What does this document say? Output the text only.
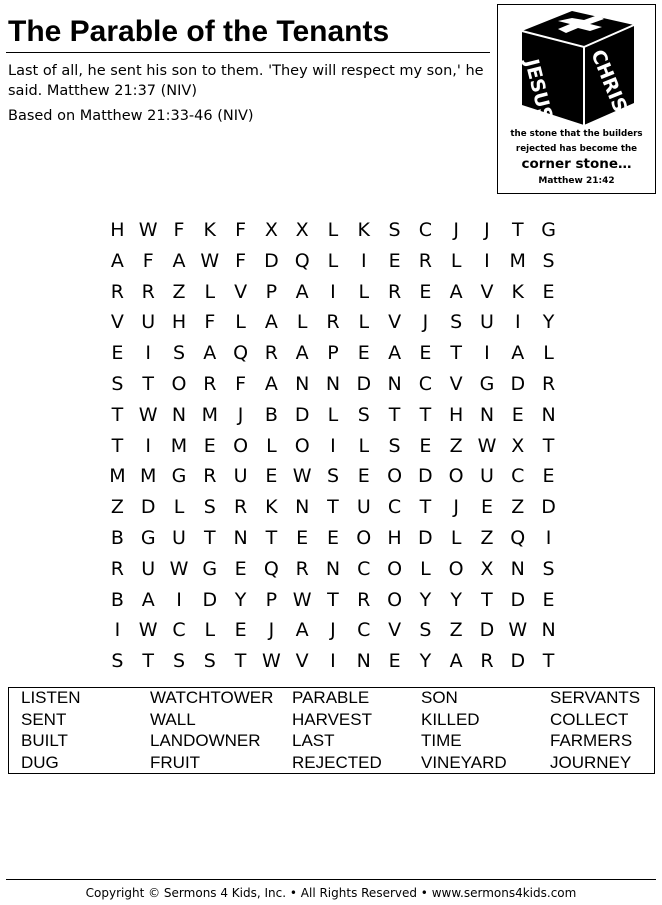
The Parable of the Tenants

Last of all, he sent his son to them. 'They will respect my son,' he said. Matthew 21:37 (NIV)

Based on Matthew 21:33-46 (NIV)	JESUS CHRIST

the stone that the builders
rejected has become the

corner stone…

Matthew 21:42

H W F	K	F X X L	K S C	J	J	T G
A F A W F D Q L	I	E R L	I	M S
R R Z L	V P A	I	L R E A V K E
V U H F	L	A	L R L	V	J	S U	I	Y
E	I	S A Q R A P	E A E T	I	A	L
S T O R F A N N D N C V G D R
T W N M	J	B D L	S T	T H N E N
T	I	M E O L O	I	L	S E Z W X T
M M G R U E W S E O D O U C E
Z D L	S R K N T U C T	J	E Z D
B G U T N T E E O H D L Z Q	I
R U W G E Q R N C O L O X N S
B A	I	D Y	P W T R O Y	Y	T D E
I W C L	E	J	A	J	C V S Z D W N
S T S S T W V	I	N E Y A R D T
LISTEN	WATCHTOWER PARABLE	SON	SERVANTS
SENT	WALL	HARVEST	KILLED	COLLECT
BUILT	LANDOWNER LAST	TIME	FARMERS
DUG	FRUIT	REJECTED VINEYARD	JOURNEY

Copyright © Sermons 4 Kids, Inc. • All Rights Reserved • www.sermons4kids.com
